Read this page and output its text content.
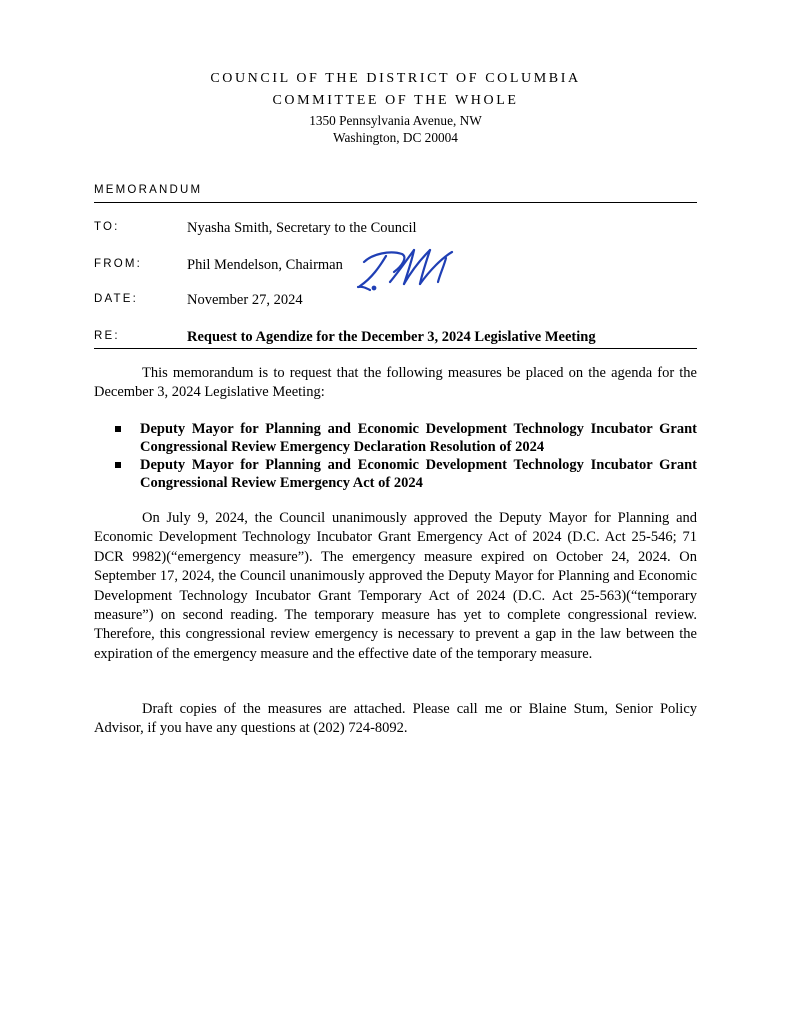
COUNCIL OF THE DISTRICT OF COLUMBIA
COMMITTEE OF THE WHOLE
1350 Pennsylvania Avenue, NW
Washington, DC 20004
MEMORANDUM
TO:	Nyasha Smith, Secretary to the Council
FROM:	Phil Mendelson, Chairman
DATE:	November 27, 2024
RE:	Request to Agendize for the December 3, 2024 Legislative Meeting
This memorandum is to request that the following measures be placed on the agenda for the December 3, 2024 Legislative Meeting:
Deputy Mayor for Planning and Economic Development Technology Incubator Grant Congressional Review Emergency Declaration Resolution of 2024
Deputy Mayor for Planning and Economic Development Technology Incubator Grant Congressional Review Emergency Act of 2024
On July 9, 2024, the Council unanimously approved the Deputy Mayor for Planning and Economic Development Technology Incubator Grant Emergency Act of 2024 (D.C. Act 25-546; 71 DCR 9982)(“emergency measure”). The emergency measure expired on October 24, 2024. On September 17, 2024, the Council unanimously approved the Deputy Mayor for Planning and Economic Development Technology Incubator Grant Temporary Act of 2024 (D.C. Act 25-563)(“temporary measure”) on second reading. The temporary measure has yet to complete congressional review. Therefore, this congressional review emergency is necessary to prevent a gap in the law between the expiration of the emergency measure and the effective date of the temporary measure.
Draft copies of the measures are attached. Please call me or Blaine Stum, Senior Policy Advisor, if you have any questions at (202) 724-8092.
